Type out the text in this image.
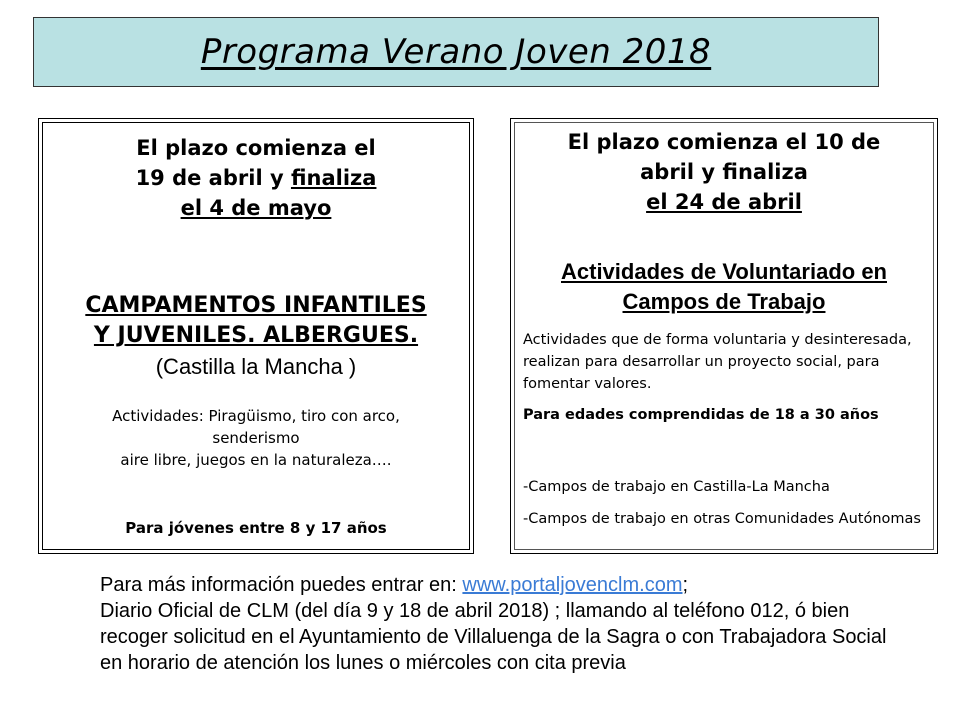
Programa Verano Joven 2018
El plazo comienza el
19 de abril y finaliza
el 4 de mayo
CAMPAMENTOS INFANTILES
Y JUVENILES. ALBERGUES.
(Castilla la Mancha )
Actividades: Piragüismo, tiro con arco,
senderismo
aire libre, juegos en la naturaleza….
Para jóvenes entre 8 y 17 años
El plazo comienza el 10 de
abril y finaliza
el 24 de abril
Actividades de Voluntariado en
Campos de Trabajo
Actividades que de forma voluntaria y desinteresada, realizan para desarrollar un proyecto social, para fomentar valores.
Para edades comprendidas de 18 a 30 años
-Campos de trabajo en Castilla-La Mancha
-Campos de trabajo en otras Comunidades Autónomas
Para más información puedes entrar en: www.portaljovenclm.com;
Diario Oficial de CLM (del día 9 y 18 de abril 2018) ; llamando al teléfono 012, ó bien recoger solicitud en el Ayuntamiento de Villaluenga de la Sagra o con Trabajadora Social en horario de atención los lunes o miércoles con cita previa
